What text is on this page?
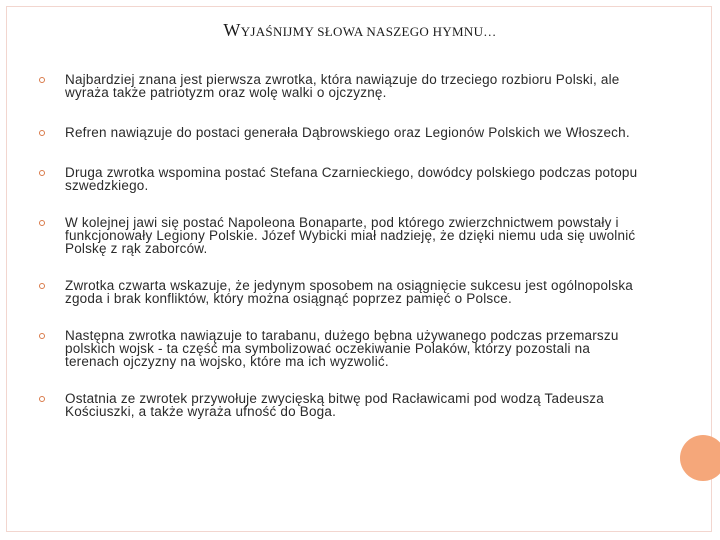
WYJAŚNIJMY SŁOWA NASZEGO HYMNU…
Najbardziej znana jest pierwsza zwrotka, która nawiązuje do trzeciego rozbioru Polski, ale wyraża także patriotyzm oraz wolę walki o ojczyznę.
Refren nawiązuje do postaci generała Dąbrowskiego oraz Legionów Polskich we Włoszech.
Druga zwrotka wspomina postać Stefana Czarnieckiego, dowódcy polskiego podczas potopu szwedzkiego.
W kolejnej jawi się postać Napoleona Bonaparte, pod którego zwierzchnictwem powstały i funkcjonowały Legiony Polskie. Józef Wybicki miał nadzieję, że dzięki niemu uda się uwolnić Polskę z rąk zaborców.
Zwrotka czwarta wskazuje, że jedynym sposobem na osiągnięcie sukcesu jest ogólnopolska zgoda i brak konfliktów, który można osiągnąć poprzez pamięć o Polsce.
Następna zwrotka nawiązuje to tarabanu, dużego bębna używanego podczas przemarszu polskich wojsk - ta część ma symbolizować oczekiwanie Polaków, którzy pozostali na terenach ojczyzny na wojsko, które ma ich wyzwolić.
Ostatnia ze zwrotek przywołuje zwycięską bitwę pod Racławicami pod wodzą Tadeusza Kościuszki, a także wyraża ufność do Boga.
